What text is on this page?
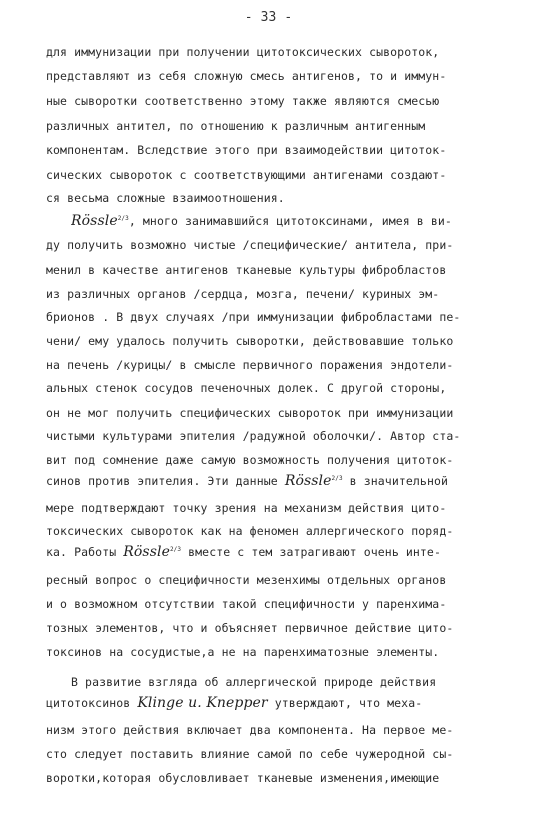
- 33 -
для иммунизации при получении цитотоксических сывороток,
представляют из себя сложную смесь антигенов, то и иммун-
ные сыворотки соответственно этому также являются смесью
различных антител, по отношению к различным антигенным
компонентам. Вследствие этого при взаимодействии цитоток-
сических сывороток с соответствующими антигенами создают-
ся весьма сложные взаимоотношения.
Rössle$^{2/3}$, много занимавшийся цитотоксинами, имея в ви-
ду получить возможно чистые /специфические/ антитела, при-
менил в качестве антигенов тканевые культуры фибробластов
из различных органов /сердца, мозга, печени/ куриных эм-
брионов . В двух случаях /при иммунизации фибробластами пе-
чени/ ему удалось получить сыворотки, действовавшие только
на печень /курицы/ в смысле первичного поражения эндотели-
альных стенок сосудов печеночных долек. С другой стороны,
он не мог получить специфических сывороток при иммунизации
чистыми культурами эпителия /радужной оболочки/. Автор ста-
вит под сомнение даже самую возможность получения цитоток-
синов против эпителия. Эти данные Rössle$^{2/3}$ в значительной
мере подтверждают точку зрения на механизм действия цито-
токсических сывороток как на феномен аллергического поряд-
ка. Работы Rössle$^{2/3}$ вместе с тем затрагивают очень инте-
ресный вопрос о специфичности мезенхимы отдельных органов
и о возможном отсутствии такой специфичности у паренхима-
тозных элементов, что и объясняет первичное действие цито-
токсинов на сосудистые,а не на паренхиматозные элементы.
В развитие взгляда об аллергической природе действия
цитотоксинов Klinge u. Knepper утверждают, что меха-
низм этого действия включает два компонента. На первое ме-
сто следует поставить влияние самой по себе чужеродной сы-
воротки,которая обусловливает тканевые изменения,имеющие
